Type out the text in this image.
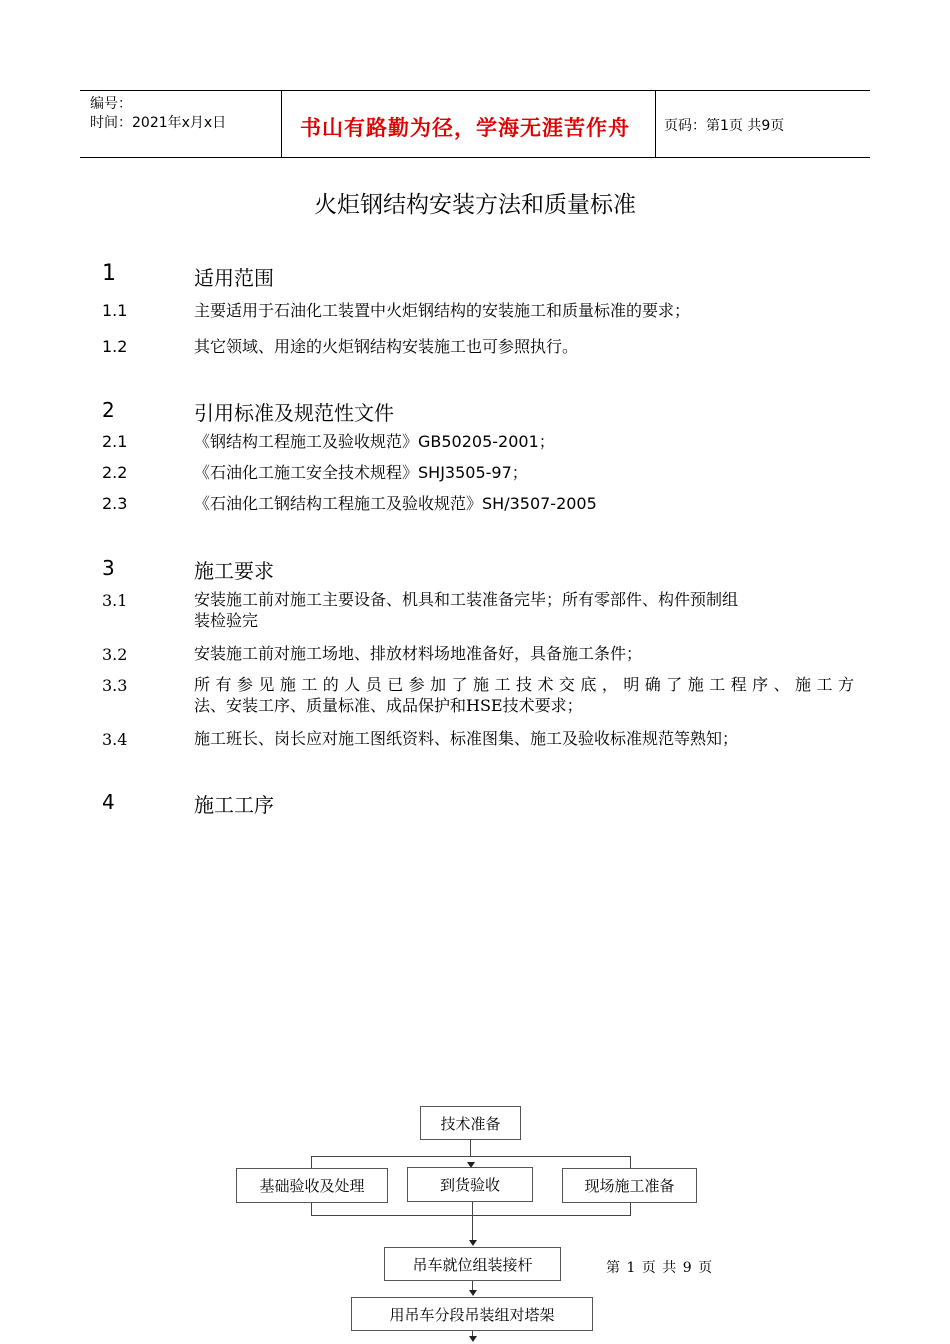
编号：
时间：2021年x月x日	书山有路勤为径，学海无涯苦作舟 页码：第1页 共9页
火炬钢结构安装方法和质量标准
1	适用范围
1.1	主要适用于石油化工装置中火炬钢结构的安装施工和质量标准的要求；
1.2	其它领域、用途的火炬钢结构安装施工也可参照执行。
2	引用标准及规范性文件
2.1	《钢结构工程施工及验收规范》GB50205-2001；
2.2	《石油化工施工安全技术规程》SHJ3505-97；
2.3	《石油化工钢结构工程施工及验收规范》SH/3507-2005
3	施工要求
3.1	安装施工前对施工主要设备、机具和工装准备完毕；所有零部件、构件预制组
装检验完
3.2	安装施工前对施工场地、排放材料场地准备好，具备施工条件；
3.3	所有参见施工的人员已参加了施工技术交底，明确了施工程序、施工方
法、安装工序、质量标准、成品保护和HSE技术要求；
3.4	施工班长、岗长应对施工图纸资料、标准图集、施工及验收标准规范等熟知；
4	施工工序
技术准备
基础验收及处理	到货验收	现场施工准备
吊车就位组装接杆
用吊车分段吊装组对塔架
第 1 页 共 9 页
